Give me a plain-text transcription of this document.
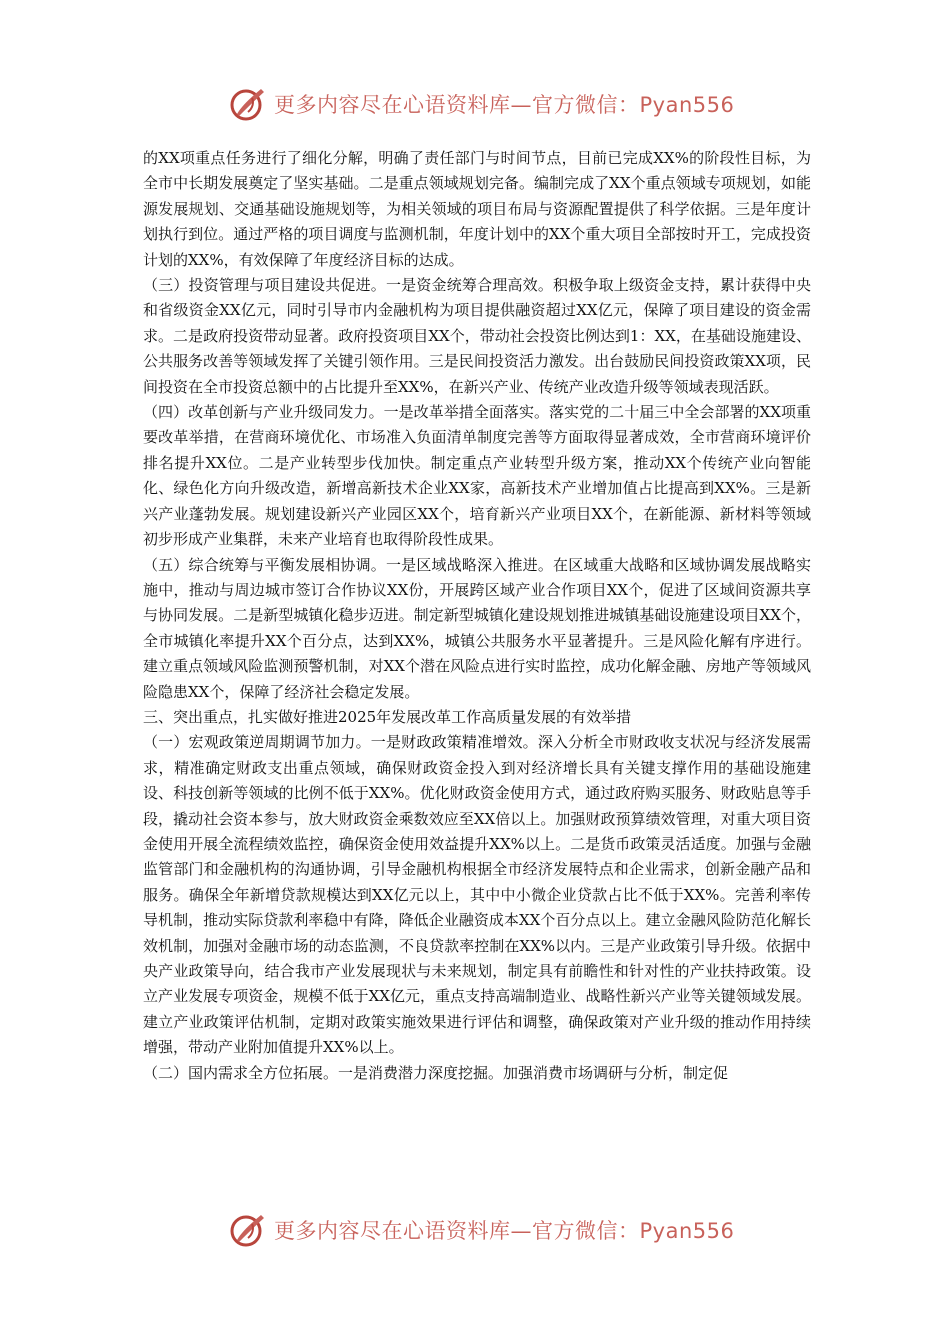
更多内容尽在心语资料库—官方微信：Pyan556

的XX项重点任务进行了细化分解，明确了责任部门与时间节点，目前已完成XX%的阶段性目标，为全市中长期发展奠定了坚实基础。二是重点领域规划完备。编制完成了XX个重点领域专项规划，如能源发展规划、交通基础设施规划等，为相关领域的项目布局与资源配置提供了科学依据。三是年度计划执行到位。通过严格的项目调度与监测机制，年度计划中的XX个重大项目全部按时开工，完成投资计划的XX%，有效保障了年度经济目标的达成。

（三）投资管理与项目建设共促进。一是资金统筹合理高效。积极争取上级资金支持，累计获得中央和省级资金XX亿元，同时引导市内金融机构为项目提供融资超过XX亿元，保障了项目建设的资金需求。二是政府投资带动显著。政府投资项目XX个，带动社会投资比例达到1：XX，在基础设施建设、公共服务改善等领域发挥了关键引领作用。三是民间投资活力激发。出台鼓励民间投资政策XX项，民间投资在全市投资总额中的占比提升至XX%，在新兴产业、传统产业改造升级等领域表现活跃。

（四）改革创新与产业升级同发力。一是改革举措全面落实。落实党的二十届三中全会部署的XX项重要改革举措，在营商环境优化、市场准入负面清单制度完善等方面取得显著成效，全市营商环境评价排名提升XX位。二是产业转型步伐加快。制定重点产业转型升级方案，推动XX个传统产业向智能化、绿色化方向升级改造，新增高新技术企业XX家，高新技术产业增加值占比提高到XX%。三是新兴产业蓬勃发展。规划建设新兴产业园区XX个，培育新兴产业项目XX个，在新能源、新材料等领域初步形成产业集群，未来产业培育也取得阶段性成果。

（五）综合统筹与平衡发展相协调。一是区域战略深入推进。在区域重大战略和区域协调发展战略实施中，推动与周边城市签订合作协议XX份，开展跨区域产业合作项目XX个，促进了区域间资源共享与协同发展。二是新型城镇化稳步迈进。制定新型城镇化建设规划推进城镇基础设施建设项目XX个，全市城镇化率提升XX个百分点，达到XX%，城镇公共服务水平显著提升。三是风险化解有序进行。建立重点领域风险监测预警机制，对XX个潜在风险点进行实时监控，成功化解金融、房地产等领域风险隐患XX个，保障了经济社会稳定发展。

三、突出重点，扎实做好推进2025年发展改革工作高质量发展的有效举措

（一）宏观政策逆周期调节加力。一是财政政策精准增效。深入分析全市财政收支状况与经济发展需求，精准确定财政支出重点领域，确保财政资金投入到对经济增长具有关键支撑作用的基础设施建设、科技创新等领域的比例不低于XX%。优化财政资金使用方式，通过政府购买服务、财政贴息等手段，撬动社会资本参与，放大财政资金乘数效应至XX倍以上。加强财政预算绩效管理，对重大项目资金使用开展全流程绩效监控，确保资金使用效益提升XX%以上。二是货币政策灵活适度。加强与金融监管部门和金融机构的沟通协调，引导金融机构根据全市经济发展特点和企业需求，创新金融产品和服务。确保全年新增贷款规模达到XX亿元以上，其中中小微企业贷款占比不低于XX%。完善利率传导机制，推动实际贷款利率稳中有降，降低企业融资成本XX个百分点以上。建立金融风险防范化解长效机制，加强对金融市场的动态监测，不良贷款率控制在XX%以内。三是产业政策引导升级。依据中央产业政策导向，结合我市产业发展现状与未来规划，制定具有前瞻性和针对性的产业扶持政策。设立产业发展专项资金，规模不低于XX亿元，重点支持高端制造业、战略性新兴产业等关键领域发展。建立产业政策评估机制，定期对政策实施效果进行评估和调整，确保政策对产业升级的推动作用持续增强，带动产业附加值提升XX%以上。

（二）国内需求全方位拓展。一是消费潜力深度挖掘。加强消费市场调研与分析，制定促

更多内容尽在心语资料库—官方微信：Pyan556
